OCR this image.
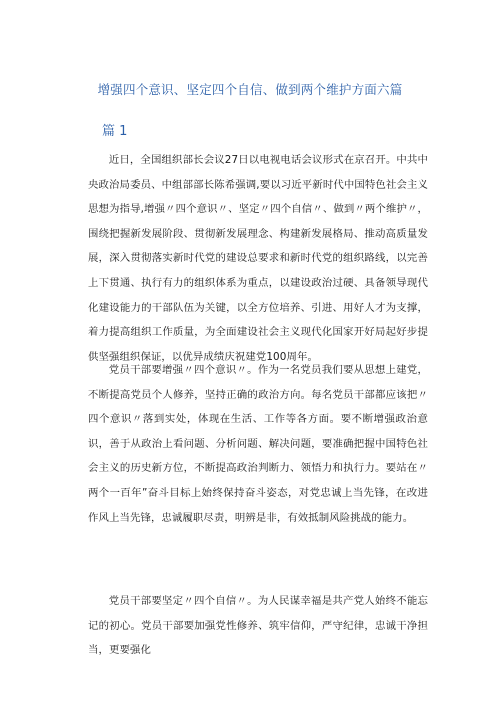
增强四个意识、坚定四个自信、做到两个维护方面六篇
篇 1

近日，全国组织部长会议27日以电视电话会议形式在京召开。中共中央政治局委员、中组部部长陈希强调,要以习近平新时代中国特色社会主义思想为指导,增强〃四个意识〃、坚定〃四个自信〃、做到〃两个维护〃，围绕把握新发展阶段、贯彻新发展理念、构建新发展格局、推动高质量发展，深入贯彻落实新时代党的建设总要求和新时代党的组织路线，以完善上下贯通、执行有力的组织体系为重点，以建设政治过硬、具备领导现代化建设能力的干部队伍为关键，以全方位培养、引进、用好人才为支撑，着力提高组织工作质量，为全面建设社会主义现代化国家开好局起好步提供坚强组织保证，以优异成绩庆祝建党100周年。

党员干部要增强〃四个意识〃。作为一名党员我们要从思想上建党，不断提高党员个人修养，坚持正确的政治方向。每名党员干部都应该把〃四个意识〃落到实处，体现在生活、工作等各方面。要不断增强政治意识，善于从政治上看问题、分析问题、解决问题，要准确把握中国特色社会主义的历史新方位，不断提高政治判断力、领悟力和执行力。要站在〃两个一百年”奋斗目标上始终保持奋斗姿态，对党忠诚上当先锋，在改进作风上当先锋，忠诚履职尽责，明辨是非，有效抵制风险挑战的能力。

党员干部要坚定〃四个自信〃。为人民谋幸福是共产党人始终不能忘记的初心。党员干部要加强党性修养、筑牢信仰，严守纪律，忠诚干净担当，更要强化
